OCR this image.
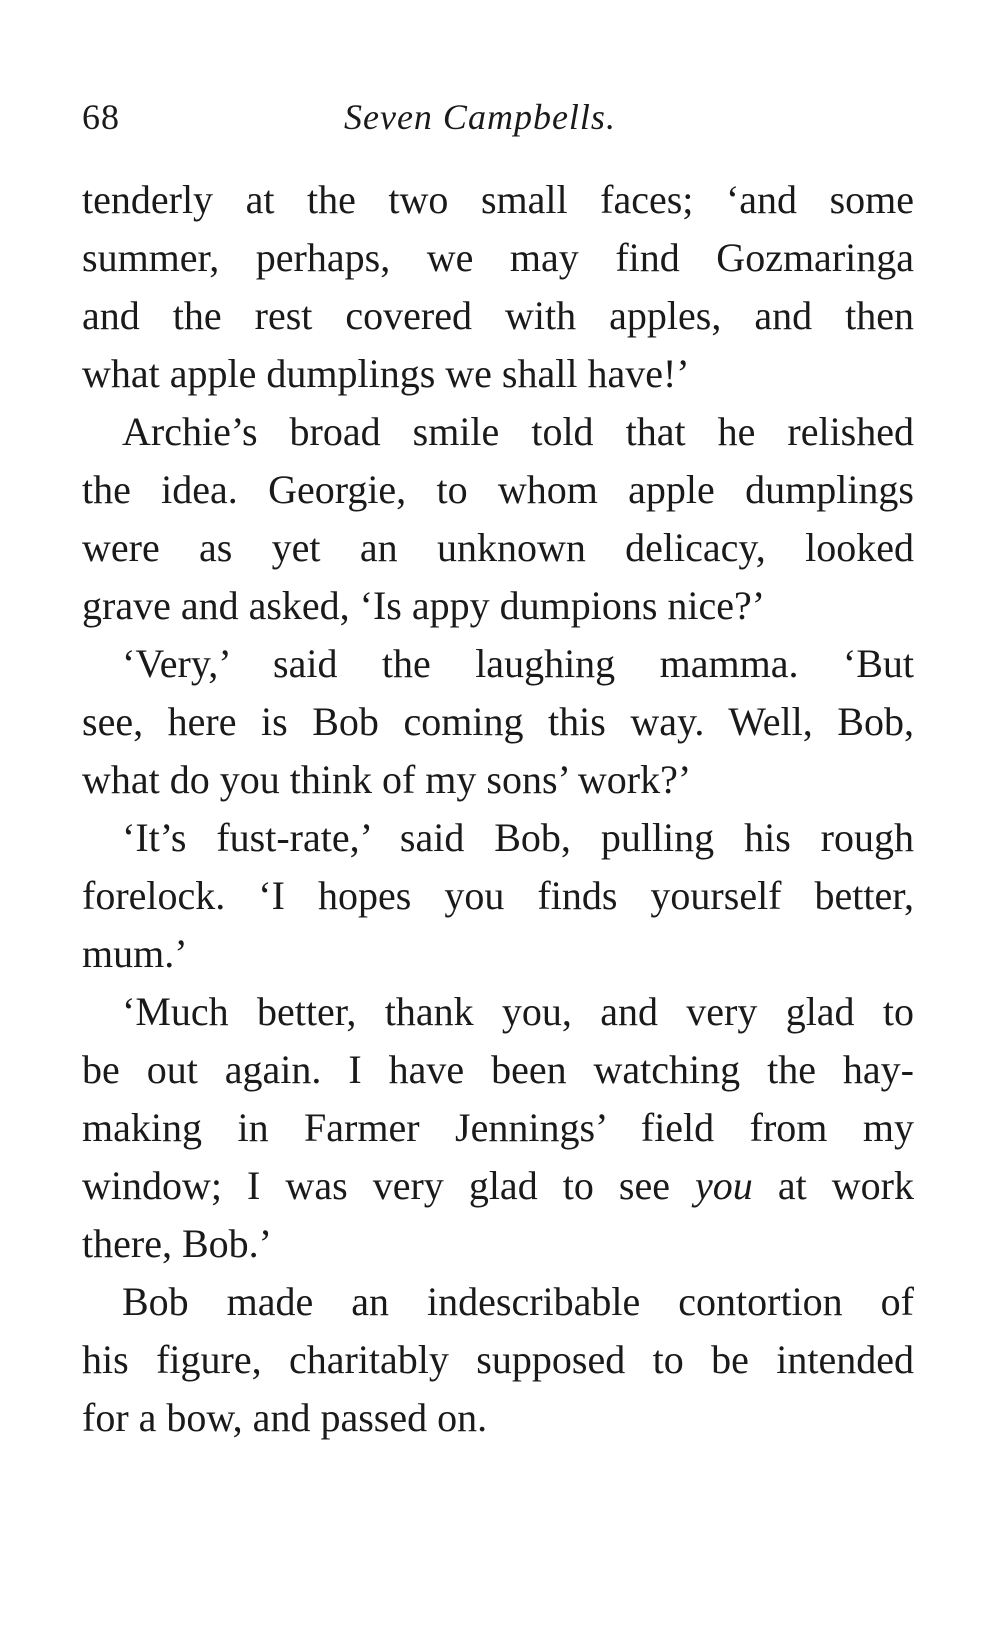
68	Seven Campbells.
tenderly at the two small faces; ‘and some
summer, perhaps, we may find Gozmaringa
and the rest covered with apples, and then
what apple dumplings we shall have!’
Archie’s broad smile told that he relished
the idea. Georgie, to whom apple dumplings
were as yet an unknown delicacy, looked
grave and asked, ‘Is appy dumpions nice?’
‘Very,’ said the laughing mamma. ‘But
see, here is Bob coming this way. Well, Bob,
what do you think of my sons’ work?’
‘It’s fust-rate,’ said Bob, pulling his rough
forelock. ‘I hopes you finds yourself better,
mum.’
‘Much better, thank you, and very glad to
be out again. I have been watching the hay-
making in Farmer Jennings’ field from my
window; I was very glad to see you at work
there, Bob.’
Bob made an indescribable contortion of
his figure, charitably supposed to be intended
for a bow, and passed on.
